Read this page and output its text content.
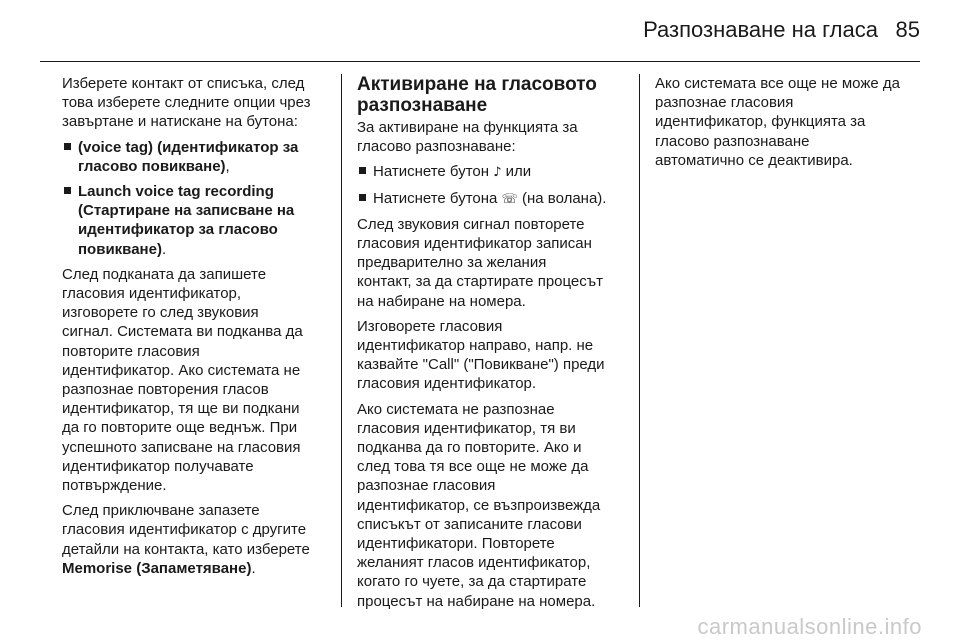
Разпознаване на гласа 85

Изберете контакт от списъка, след
това изберете следните опции чрез
завъртане и натискане на бутона:

(voice tag) (идентификатор за
гласово повикване),
Launch voice tag recording
(Стартиране на записване на
идентификатор за гласово
повикване).

След подканата да запишете
гласовия идентификатор,
изговорете го след звуковия
сигнал. Системата ви подканва да
повторите гласовия
идентификатор. Ако системата не
разпознае повторения гласов
идентификатор, тя ще ви подкани
да го повторите още веднъж. При
успешното записване на гласовия
идентификатор получавате
потвърждение.

След приключване запазете
гласовия идентификатор с другите
детайли на контакта, като изберете
Memorise (Запаметяване).

Активиране на гласовото
разпознаване

За активиране на функцията за
гласово разпознаване:

Натиснете бутон ♪ или
Натиснете бутона ☏ (на волана).

След звуковия сигнал повторете
гласовия идентификатор записан
предварително за желания
контакт, за да стартирате процесът
на набиране на номера.

Изговорете гласовия
идентификатор направо, напр. не
казвайте "Call" ("Повикване") преди
гласовия идентификатор.

Ако системата не разпознае
гласовия идентификатор, тя ви
подканва да го повторите. Ако и
след това тя все още не може да
разпознае гласовия
идентификатор, се възпроизвежда
списъкът от записаните гласови
идентификатори. Повторете
желаният гласов идентификатор,
когато го чуете, за да стартирате
процесът на набиране на номера.

Ако системата все още не може да
разпознае гласовия
идентификатор, функцията за
гласово разпознаване
автоматично се деактивира.

carmanualsonline.info
